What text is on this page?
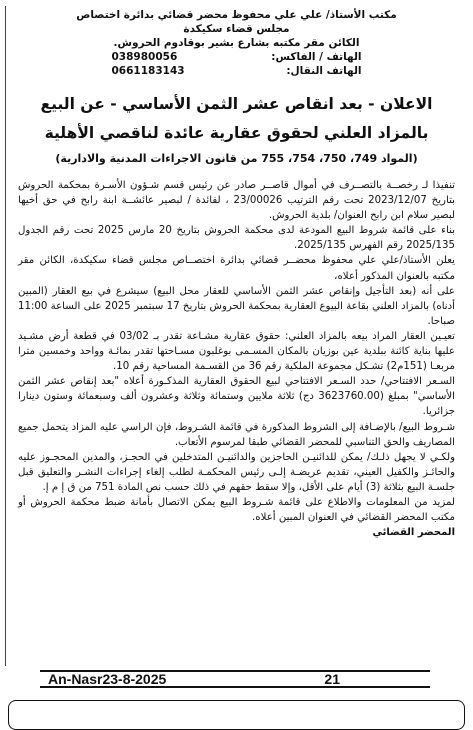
مكتب الأستاذ/ علي علي محفوظ محضر قضائي بدائرة اختصاص
مجلس قضاء سكيكدة
الكائن مقر مكتبه بشارع بشير بوقادوم الحروش.
الهاتف / الفاكس:
038980056
الهاتف النقال:
0661183143
الاعلان - بعد انقاص عشر الثمن الأساسي - عن البيع
بالمزاد العلني لحقوق عقارية عائدة لناقصي الأهلية
(المواد 749، 750، 754، 755 من قانون الاجراءات المدنية والادارية)

تنفيذا لـ رخصــة بالتصــرف في أموال قاصــر صادر عن رئيس قسم شـؤون الأسـرة بمحكمة الحروش بتاريخ 2023/12/07 تحت رقم الترتيب 23/00026 ، لفائدة / لبصير عائشــة ابنة رابح في حق أخيها لبصير سلام ابن رابح العنوان/ بلدية الحروش.

بناء على قائمة شروط البيع المودعة لدى محكمة الحروش بتاريخ 20 مارس 2025 تحت رقم الجدول 2025/135 رقم الفهرس 2025/135.

يعلن الأستاذ/علي علي محفوظ محضــر قضائي بدائرة اختصــاص مجلس قضاء سكيكدة، الكائن مقر مكتبه بالعنوان المذكور أعلاه،

على أنه (بعد التأجيل وإنقاص عشر الثمن الأساسي للعقار محل البيع) سيشرع في بيع العقار (المبين أدناه) بالمزاد العلني بقاعة البيوع العقارية بمحكمة الحروش بتاريخ 17 سبتمبر 2025 على الساعة 11:00 صباحا.

تعيـين العقار المراد بيعه بالمزاد العلني: حقوق عقارية مشـاعة تقدر بـ 03/02 في قطعة أرض مشـيد عليها بناية كائنة ببلدية عين بوزيان بالمكان المسـمى بوغلبون مسـاحتها تقدر بمائـة وواحد وخمسين مترا مربعـا (151م2) تشـكل مجموعة الملكية رقم 36 من القسـمة المساحية رقم 10.

السـعر الافتتاحي/ حدد السـعر الافتتاحي لبيع الحقوق العقارية المذكـورة أعلاه "بعد إنقاص عشر الثمن الأساسي" بمبلغ (3623760.00 دج) ثلاثة ملايين وستمائة وثلاثة وعشرون ألف وسبعمائة وستون دينارا جزائريا.

شـروط البيع/ بالإضـافة إلى الشروط المذكورة في قائمة الشـروط، فإن الراسي عليه المزاد يتحمل جميع المصاريف والحق التناسبي للمحضر القضائي طبقا لمرسوم الأتعاب.

ولكـي لا يجهل ذلـك/ يمكن للدائنيـن الحاجزين والدائنيـن المتدخلين في الحجـز، والمدين المحجـوز عليه والحائـز والكفيل العيني، تقديم عريضـة إلـى رئيس المحكمـة لطلب إلغاء إجراءات النشـر والتعليق قبل جلسـة البيع بثلاثة (3) أيام على الأقل، وإلا سقط حقهم في ذلك حسب نص المادة 751 من ق إ م إ.

لمزيد من المعلومات والاطلاع على قائمة شـروط البيع يمكن الاتصال بأمانة ضبط محكمة الحروش أو مكتب المحضر القضائي في العنوان المبين أعلاه.

المحضر القضائي
An-Nasr23-8-2025	21
